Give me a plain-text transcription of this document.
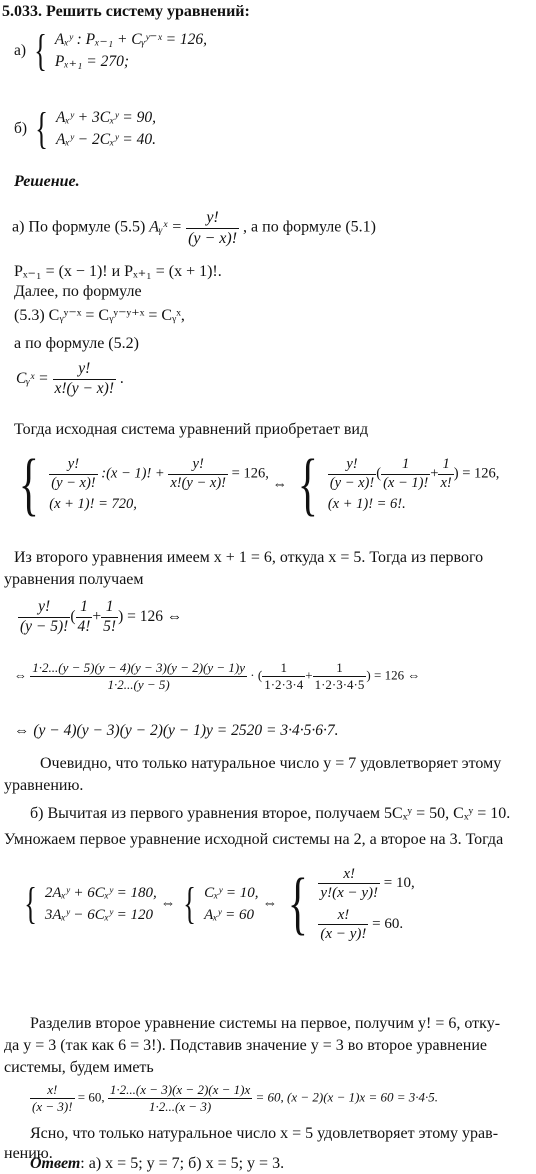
5.033. Решить систему уравнений:
а) { Aₓʸ : Pₓ₋₁ + Cᵧʸ⁻ˣ = 126,
Pₓ₊₁ = 270;
б) { Aₓʸ + 3Cₓʸ = 90,
Aₓʸ − 2Cₓʸ = 40.
Решение.
а) По формуле (5.5) Aᵧˣ = $\frac{y!}{(y - x)!}$ , а по формуле (5.1)
Pₓ₋₁ = (x − 1)! и Pₓ₊₁ = (x + 1)!.
Далее, по формуле
(5.3) Cᵧʸ⁻ˣ = Cᵧʸ⁻ʸ⁺ˣ = Cᵧˣ,
а по формуле (5.2)
Cᵧˣ = $\frac{y!}{x!(y - x)!}$ .
Тогда исходная система уравнений приобретает вид
{ $\frac{y!}{(y - x)!}$ :(x − 1)! + $\frac{y!}{x!(y - x)!} = 126$,
(x + 1)! = 720,
⇔ { $\frac{y!}{(y - x)!}$ ( $\frac{1}{(x - 1)!} + \frac{1}{x!}$ ) = 126,
(x + 1)! = 6!.
Из второго уравнения имеем x + 1 = 6, откуда x = 5. Тогда из первого
уравнения получаем
$\frac{y!}{(y - 5)!}$ ( $\frac{1}{4!} + \frac{1}{5!}$ ) = 126 ⇔
⇔ $\frac{1\cdot 2...(y - 5)(y - 4)(y - 3)(y - 2)(y - 1)y}{1\cdot 2...(y - 5)}$ · ( $\frac{1}{1\cdot 2\cdot 3\cdot 4} + \frac{1}{1\cdot 2\cdot 3\cdot 4\cdot 5}$ ) = 126 ⇔
⇔ (y − 4)(y − 3)(y − 2)(y − 1)y = 2520 = 3·4·5·6·7.
Очевидно, что только натуральное число y = 7 удовлетворяет этому
уравнению.
б) Вычитая из первого уравнения второе, получаем 5Cₓʸ = 50, Cₓʸ = 10.
Умножаем первое уравнение исходной системы на 2, а второе на 3. Тогда
{ 2Aₓʸ + 6Cₓʸ = 180,
3Aₓʸ − 6Cₓʸ = 120
⇔ { Cₓʸ = 10,
Aₓʸ = 60
⇔ { $\frac{x!}{y!(x - y)!} = 10$,
$\frac{x!}{(x - y)!} = 60$.
Разделив второе уравнение системы на первое, получим y! = 6, отку-
да y = 3 (так как 6 = 3!). Подставив значение y = 3 во второе уравнение
системы, будем иметь
$\frac{x!}{(x - 3)!} = 60$, $\frac{1\cdot 2...(x - 3)(x - 2)(x - 1)x}{1\cdot 2...(x - 3)} = 60$, (x − 2)(x − 1)x = 60 = 3·4·5.
Ясно, что только натуральное число x = 5 удовлетворяет этому урав-
нению.
Ответ: а) x = 5; y = 7; б) x = 5; y = 3.
